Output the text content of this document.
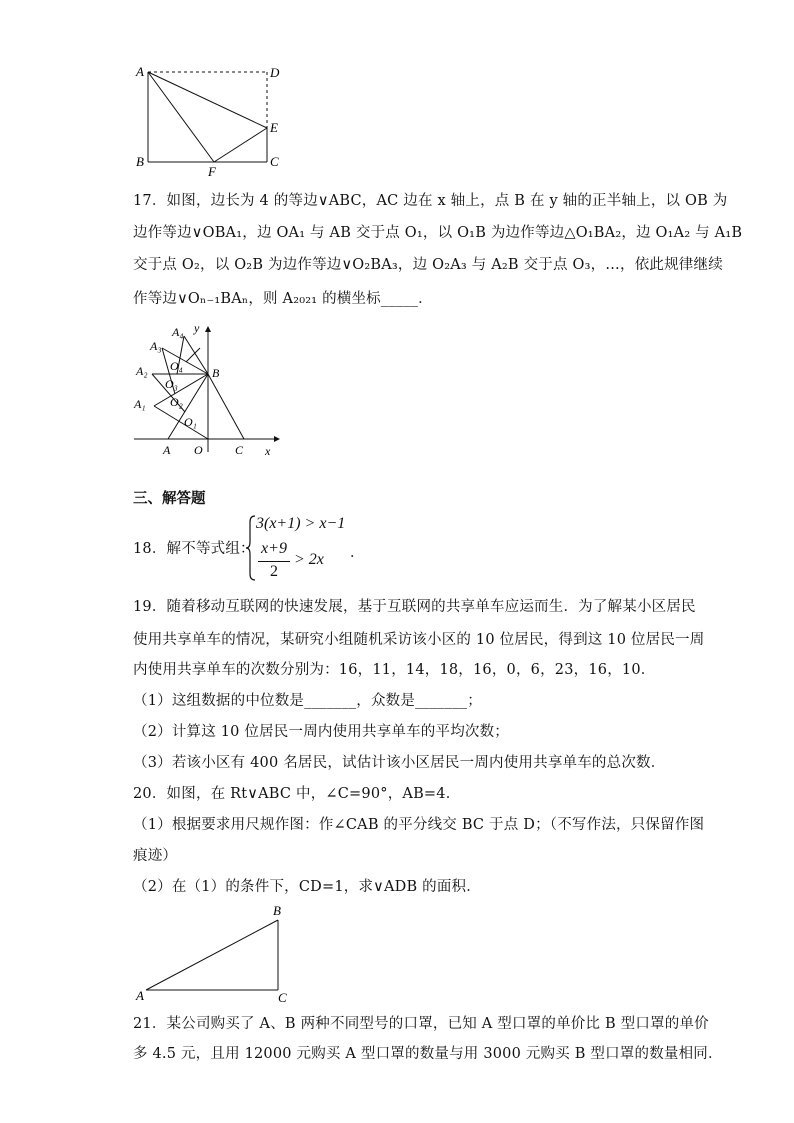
A	D
E
B
F
C
17．如图，边长为 4 的等边∨ABC，AC 边在 x 轴上，点 B 在 y 轴的正半轴上，以 OB 为
边作等边∨OBA₁，边 OA₁ 与 AB 交于点 O₁，以 O₁B 为边作等边△O₁BA₂，边 O₁A₂ 与 A₁B
交于点 O₂，以 O₂B 为边作等边∨O₂BA₃，边 O₂A₃ 与 A₂B 交于点 O₃，…，依此规律继续
作等边∨Oₙ₋₁BAₙ，则 A₂₀₂₁ 的横坐标_____．
A₄
A₃
A₂
A₁
O₄
O₃
O₂
O₁
B
y
A O	C x
三、解答题
18．解不等式组：
3(x+1) > x−1
x+9
2
> 2x ．
19．随着移动互联网的快速发展，基于互联网的共享单车应运而生．为了解某小区居民
使用共享单车的情况，某研究小组随机采访该小区的 10 位居民，得到这 10 位居民一周
内使用共享单车的次数分别为：16，11，14，18，16，0，6，23，16，10．
（1）这组数据的中位数是_______，众数是_______；
（2）计算这 10 位居民一周内使用共享单车的平均次数；
（3）若该小区有 400 名居民，试估计该小区居民一周内使用共享单车的总次数．
20．如图，在 Rt∨ABC 中，∠C=90°，AB=4．
（1）根据要求用尺规作图：作∠CAB 的平分线交 BC 于点 D；（不写作法，只保留作图
痕迹）
（2）在（1）的条件下，CD=1，求∨ADB 的面积．
B
A	C
21．某公司购买了 A、B 两种不同型号的口罩，已知 A 型口罩的单价比 B 型口罩的单价
多 4.5 元，且用 12000 元购买 A 型口罩的数量与用 3000 元购买 B 型口罩的数量相同．
